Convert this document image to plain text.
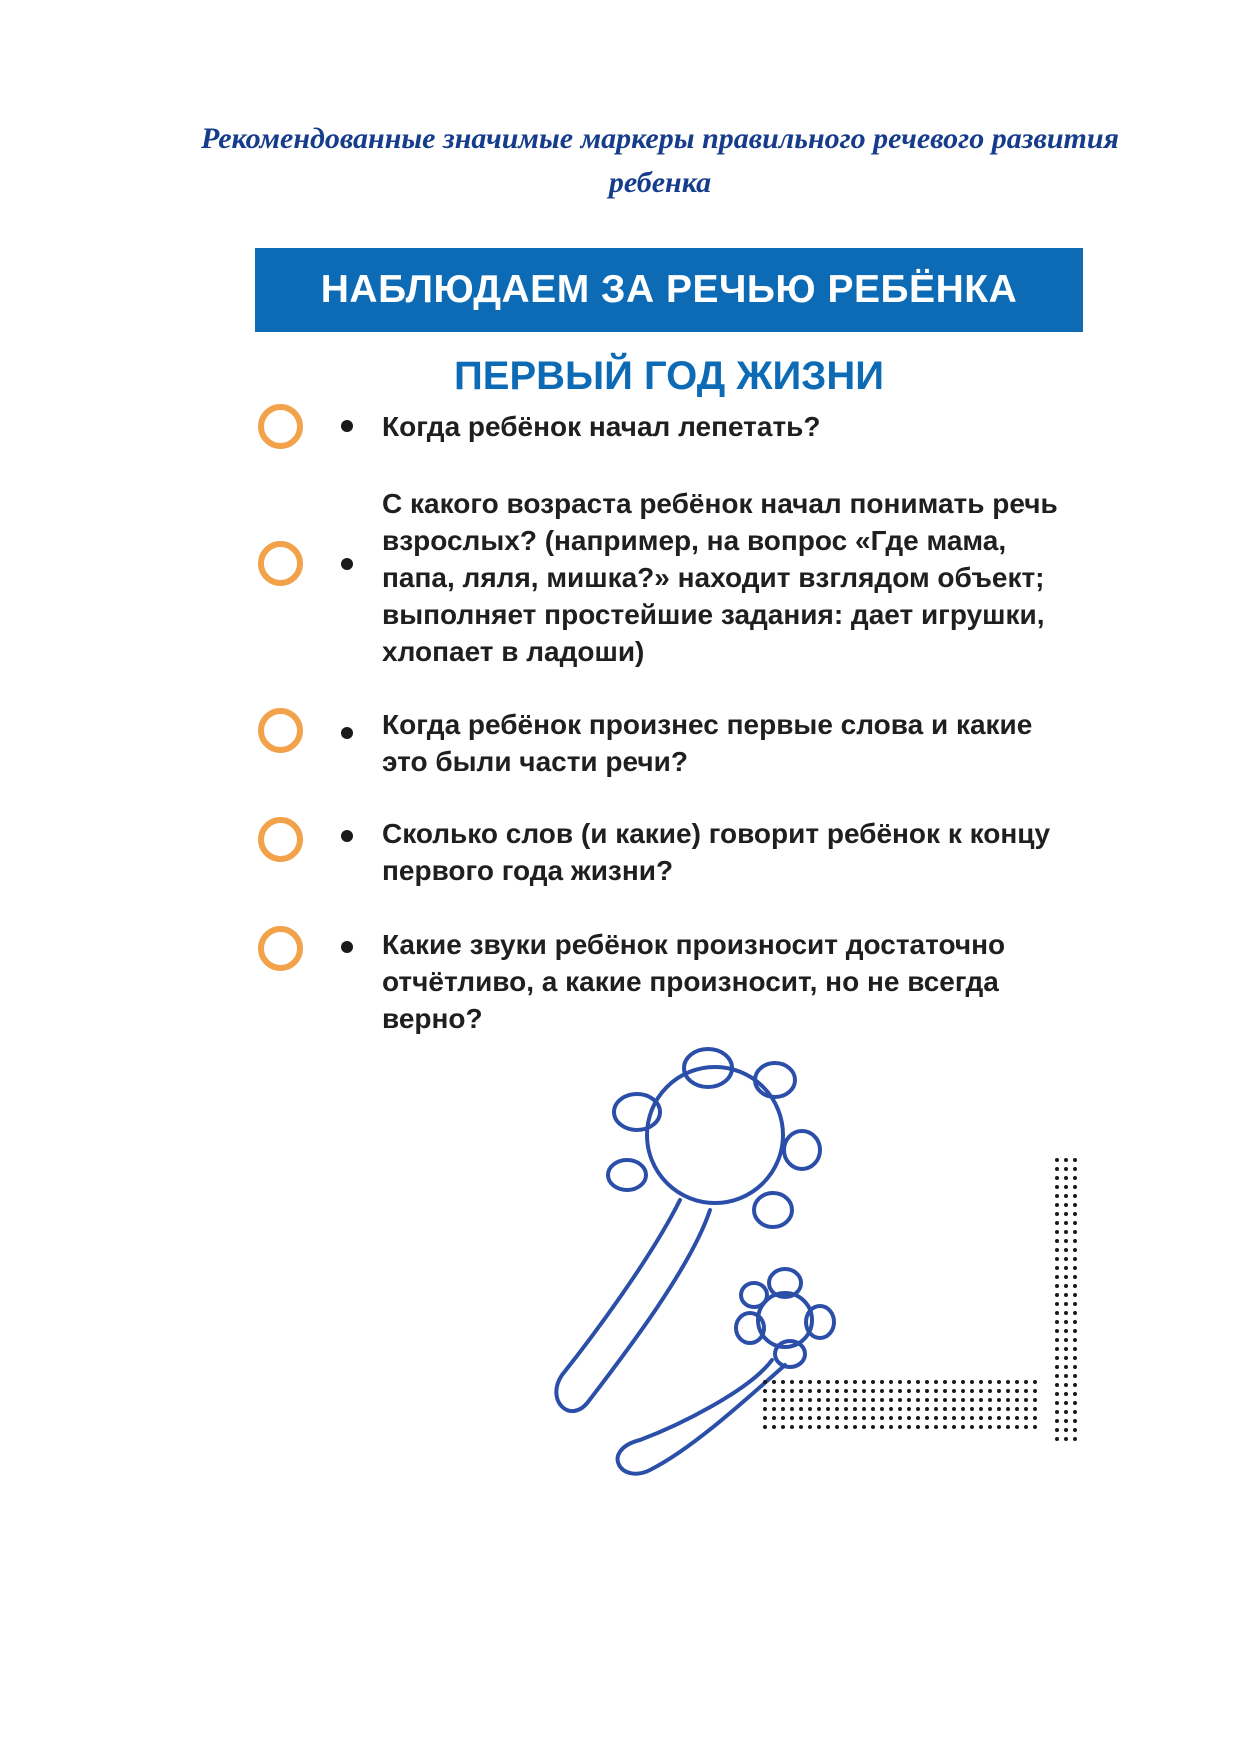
Рекомендованные значимые маркеры правильного речевого развития ребенка
НАБЛЮДАЕМ ЗА РЕЧЬЮ РЕБЁНКА
ПЕРВЫЙ ГОД ЖИЗНИ

Когда ребёнок начал лепетать?

С какого возраста ребёнок начал понимать речь взрослых? (например, на вопрос «Где мама, папа, ляля, мишка?» находит взглядом объект; выполняет простейшие задания: дает игрушки, хлопает в ладоши)

Когда ребёнок произнес первые слова и какие это были части речи?

Сколько слов (и какие) говорит ребёнок к концу первого года жизни?

Какие звуки ребёнок произносит достаточно отчётливо, а какие произносит, но не всегда верно?
